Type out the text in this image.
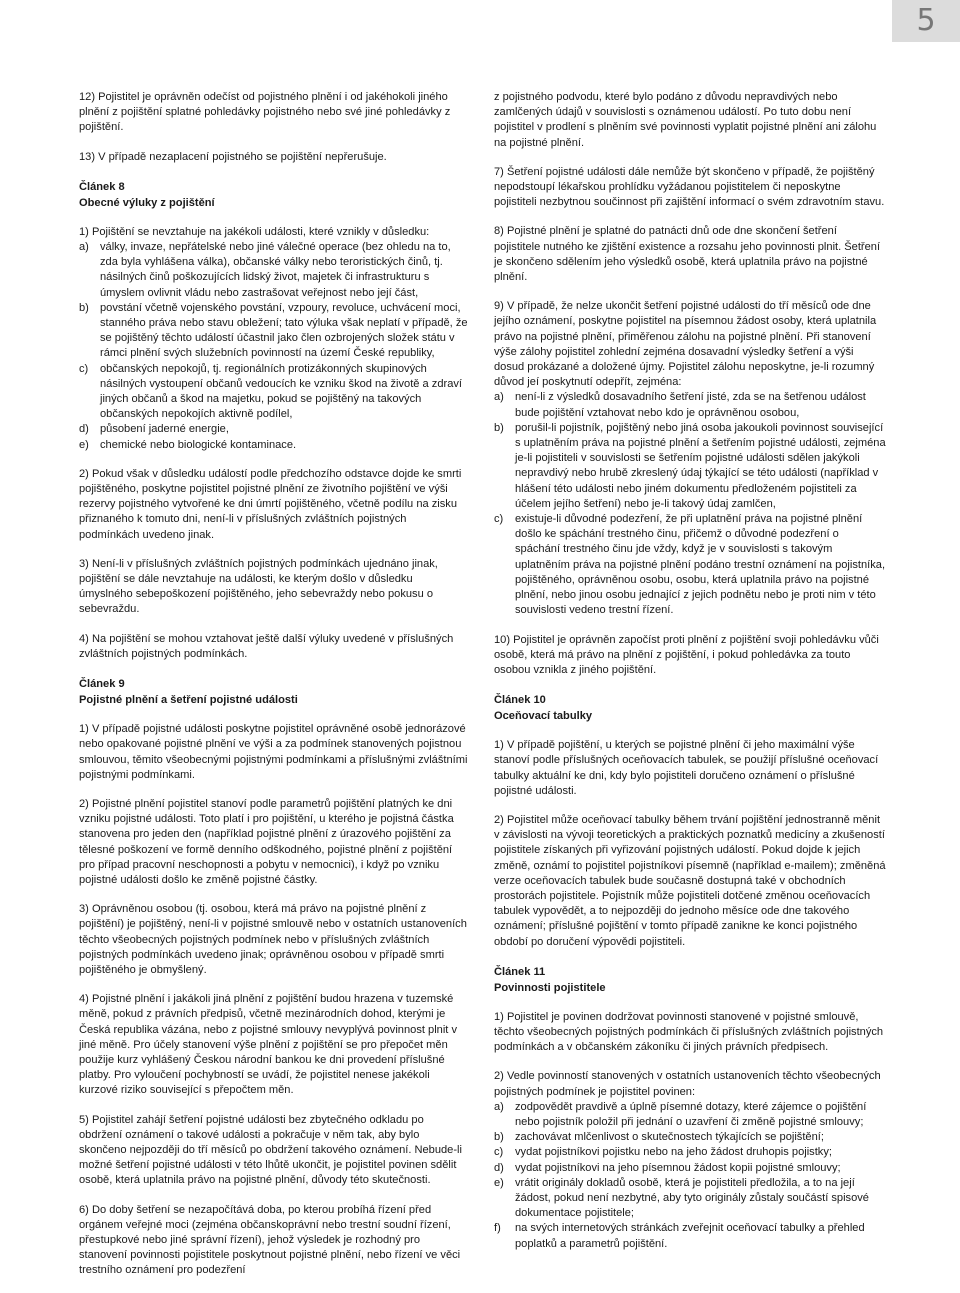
5

12) Pojistitel je oprávněn odečíst od pojistného plnění i od jakéhokoli jiného plnění z pojištění splatné pohledávky pojistného nebo své jiné pohledávky z pojištění.

13) V případě nezaplacení pojistného se pojištění nepřerušuje.

Článek 8
Obecné výluky z pojištění

1) Pojištění se nevztahuje na jakékoli události, které vznikly v důsledku:

a) války, invaze, nepřátelské nebo jiné válečné operace (bez ohledu na to, zda byla vyhlášena válka), občanské války nebo teroristických činů, tj. násilných činů poškozujících lidský život, majetek či infrastrukturu s úmyslem ovlivnit vládu nebo zastrašovat veřejnost nebo její část,
b) povstání včetně vojenského povstání, vzpoury, revoluce, uchvácení moci, stanného práva nebo stavu obležení; tato výluka však neplatí v případě, že se pojištěný těchto událostí účastnil jako člen ozbrojených složek státu v rámci plnění svých služebních povinností na území České republiky,
c) občanských nepokojů, tj. regionálních protizákonných skupinových násilných vystoupení občanů vedoucích ke vzniku škod na životě a zdraví jiných občanů a škod na majetku, pokud se pojištěný na takových občanských nepokojích aktivně podílel,
d) působení jaderné energie,
e) chemické nebo biologické kontaminace.

2) Pokud však v důsledku událostí podle předchozího odstavce dojde ke smrti pojištěného, poskytne pojistitel pojistné plnění ze životního pojištění ve výši rezervy pojistného vytvořené ke dni úmrtí pojištěného, včetně podílu na zisku přiznaného k tomuto dni, není-li v příslušných zvláštních pojistných podmínkách uvedeno jinak.

3) Není-li v příslušných zvláštních pojistných podmínkách ujednáno jinak, pojištění se dále nevztahuje na události, ke kterým došlo v důsledku úmyslného sebepoškození pojištěného, jeho sebevraždy nebo pokusu o sebevraždu.

4) Na pojištění se mohou vztahovat ještě další výluky uvedené v příslušných zvláštních pojistných podmínkách.

Článek 9
Pojistné plnění a šetření pojistné události

1) V případě pojistné události poskytne pojistitel oprávněné osobě jednorázové nebo opakované pojistné plnění ve výši a za podmínek stanovených pojistnou smlouvou, těmito všeobecnými pojistnými podmínkami a příslušnými zvláštními pojistnými podmínkami.

2) Pojistné plnění pojistitel stanoví podle parametrů pojištění platných ke dni vzniku pojistné události. Toto platí i pro pojištění, u kterého je pojistná částka stanovena pro jeden den (například pojistné plnění z úrazového pojištění za tělesné poškození ve formě denního odškodného, pojistné plnění z pojištění pro případ pracovní neschopnosti a pobytu v nemocnici), i když po vzniku pojistné události došlo ke změně pojistné částky.

3) Oprávněnou osobou (tj. osobou, která má právo na pojistné plnění z pojištění) je pojištěný, není-li v pojistné smlouvě nebo v ostatních ustanoveních těchto všeobecných pojistných podmínek nebo v příslušných zvláštních pojistných podmínkách uvedeno jinak; oprávněnou osobou v případě smrti pojištěného je obmyšlený.

4) Pojistné plnění i jakákoli jiná plnění z pojištění budou hrazena v tuzemské měně, pokud z právních předpisů, včetně mezinárodních dohod, kterými je Česká republika vázána, nebo z pojistné smlouvy nevyplývá povinnost plnit v jiné měně. Pro účely stanovení výše plnění z pojištění se pro přepočet měn použije kurz vyhlášený Českou národní bankou ke dni provedení příslušné platby. Pro vyloučení pochybností se uvádí, že pojistitel nenese jakékoli kurzové riziko související s přepočtem měn.

5) Pojistitel zahájí šetření pojistné události bez zbytečného odkladu po obdržení oznámení o takové události a pokračuje v něm tak, aby bylo skončeno nejpozději do tří měsíců po obdržení takového oznámení. Nebude-li možné šetření pojistné události v této lhůtě ukončit, je pojistitel povinen sdělit osobě, která uplatnila právo na pojistné plnění, důvody této skutečnosti.

6) Do doby šetření se nezapočítává doba, po kterou probíhá řízení před orgánem veřejné moci (zejména občanskoprávní nebo trestní soudní řízení, přestupkové nebo jiné správní řízení), jehož výsledek je rozhodný pro stanovení povinnosti pojistitele poskytnout pojistné plnění, nebo řízení ve věci trestního oznámení pro podezření

z pojistného podvodu, které bylo podáno z důvodu nepravdivých nebo zamlčených údajů v souvislosti s oznámenou událostí. Po tuto dobu není pojistitel v prodlení s plněním své povinnosti vyplatit pojistné plnění ani zálohu na pojistné plnění.

7) Šetření pojistné události dále nemůže být skončeno v případě, že pojištěný nepodstoupí lékařskou prohlídku vyžádanou pojistitelem či neposkytne pojistiteli nezbytnou součinnost při zajištění informací o svém zdravotním stavu.

8) Pojistné plnění je splatné do patnácti dnů ode dne skončení šetření pojistitele nutného ke zjištění existence a rozsahu jeho povinnosti plnit. Šetření je skončeno sdělením jeho výsledků osobě, která uplatnila právo na pojistné plnění.

9) V případě, že nelze ukončit šetření pojistné události do tří měsíců ode dne jejího oznámení, poskytne pojistitel na písemnou žádost osoby, která uplatnila právo na pojistné plnění, přiměřenou zálohu na pojistné plnění. Při stanovení výše zálohy pojistitel zohlední zejména dosavadní výsledky šetření a výši dosud prokázané a doložené újmy. Pojistitel zálohu neposkytne, je-li rozumný důvod jeí poskytnutí odepřít, zejména:

a) není-li z výsledků dosavadního šetření jisté, zda se na šetřenou událost bude pojištění vztahovat nebo kdo je oprávněnou osobou,
b) porušil-li pojistník, pojištěný nebo jiná osoba jakoukoli povinnost související s uplatněním práva na pojistné plnění a šetřením pojistné události, zejména je-li pojistiteli v souvislosti se šetřením pojistné události sdělen jakýkoli nepravdivý nebo hrubě zkreslený údaj týkající se této události (například v hlášení této události nebo jiném dokumentu předloženém pojistiteli za účelem jejího šetření) nebo je-li takový údaj zamlčen,
c) existuje-li důvodné podezření, že při uplatnění práva na pojistné plnění došlo ke spáchání trestného činu, přičemž o důvodné podezření o spáchání trestného činu jde vždy, když je v souvislosti s takovým uplatněním práva na pojistné plnění podáno trestní oznámení na pojistníka, pojištěného, oprávněnou osobu, osobu, která uplatnila právo na pojistné plnění, nebo jinou osobu jednající z jejich podnětu nebo je proti nim v této souvislosti vedeno trestní řízení.

10) Pojistitel je oprávněn započíst proti plnění z pojištění svoji pohledávku vůči osobě, která má právo na plnění z pojištění, i pokud pohledávka za touto osobou vznikla z jiného pojištění.

Článek 10
Oceňovací tabulky

1) V případě pojištění, u kterých se pojistné plnění či jeho maximální výše stanoví podle příslušných oceňovacích tabulek, se použijí příslušné oceňovací tabulky aktuální ke dni, kdy bylo pojistiteli doručeno oznámení o příslušné pojistné události.

2) Pojistitel může oceňovací tabulky během trvání pojištění jednostranně měnit v závislosti na vývoji teoretických a praktických poznatků medicíny a zkušeností pojistitele získaných při vyřizování pojistných událostí. Pokud dojde k jejich změně, oznámí to pojistitel pojistníkovi písemně (například e-mailem); změněná verze oceňovacích tabulek bude současně dostupná také v obchodních prostorách pojistitele. Pojistník může pojistiteli dotčené změnou oceňovacích tabulek vypovědět, a to nejpozději do jednoho měsíce ode dne takového oznámení; příslušné pojištění v tomto případě zanikne ke konci pojistného období po doručení výpovědi pojistiteli.

Článek 11
Povinnosti pojistitele

1) Pojistitel je povinen dodržovat povinnosti stanovené v pojistné smlouvě, těchto všeobecných pojistných podmínkách či příslušných zvláštních pojistných podmínkách a v občanském zákoníku či jiných právních předpisech.

2) Vedle povinností stanovených v ostatních ustanoveních těchto všeobecných pojistných podmínek je pojistitel povinen:

a) zodpovědět pravdivě a úplně písemné dotazy, které zájemce o pojištění nebo pojistník položil při jednání o uzavření či změně pojistné smlouvy;
b) zachovávat mlčenlivost o skutečnostech týkajících se pojištění;
c) vydat pojistníkovi pojistku nebo na jeho žádost druhopis pojistky;
d) vydat pojistníkovi na jeho písemnou žádost kopii pojistné smlouvy;
e) vrátit originály dokladů osobě, která je pojistiteli předložila, a to na její žádost, pokud není nezbytné, aby tyto originály zůstaly součástí spisové dokumentace pojistitele;
f) na svých internetových stránkách zveřejnit oceňovací tabulky a přehled poplatků a parametrů pojištění.
